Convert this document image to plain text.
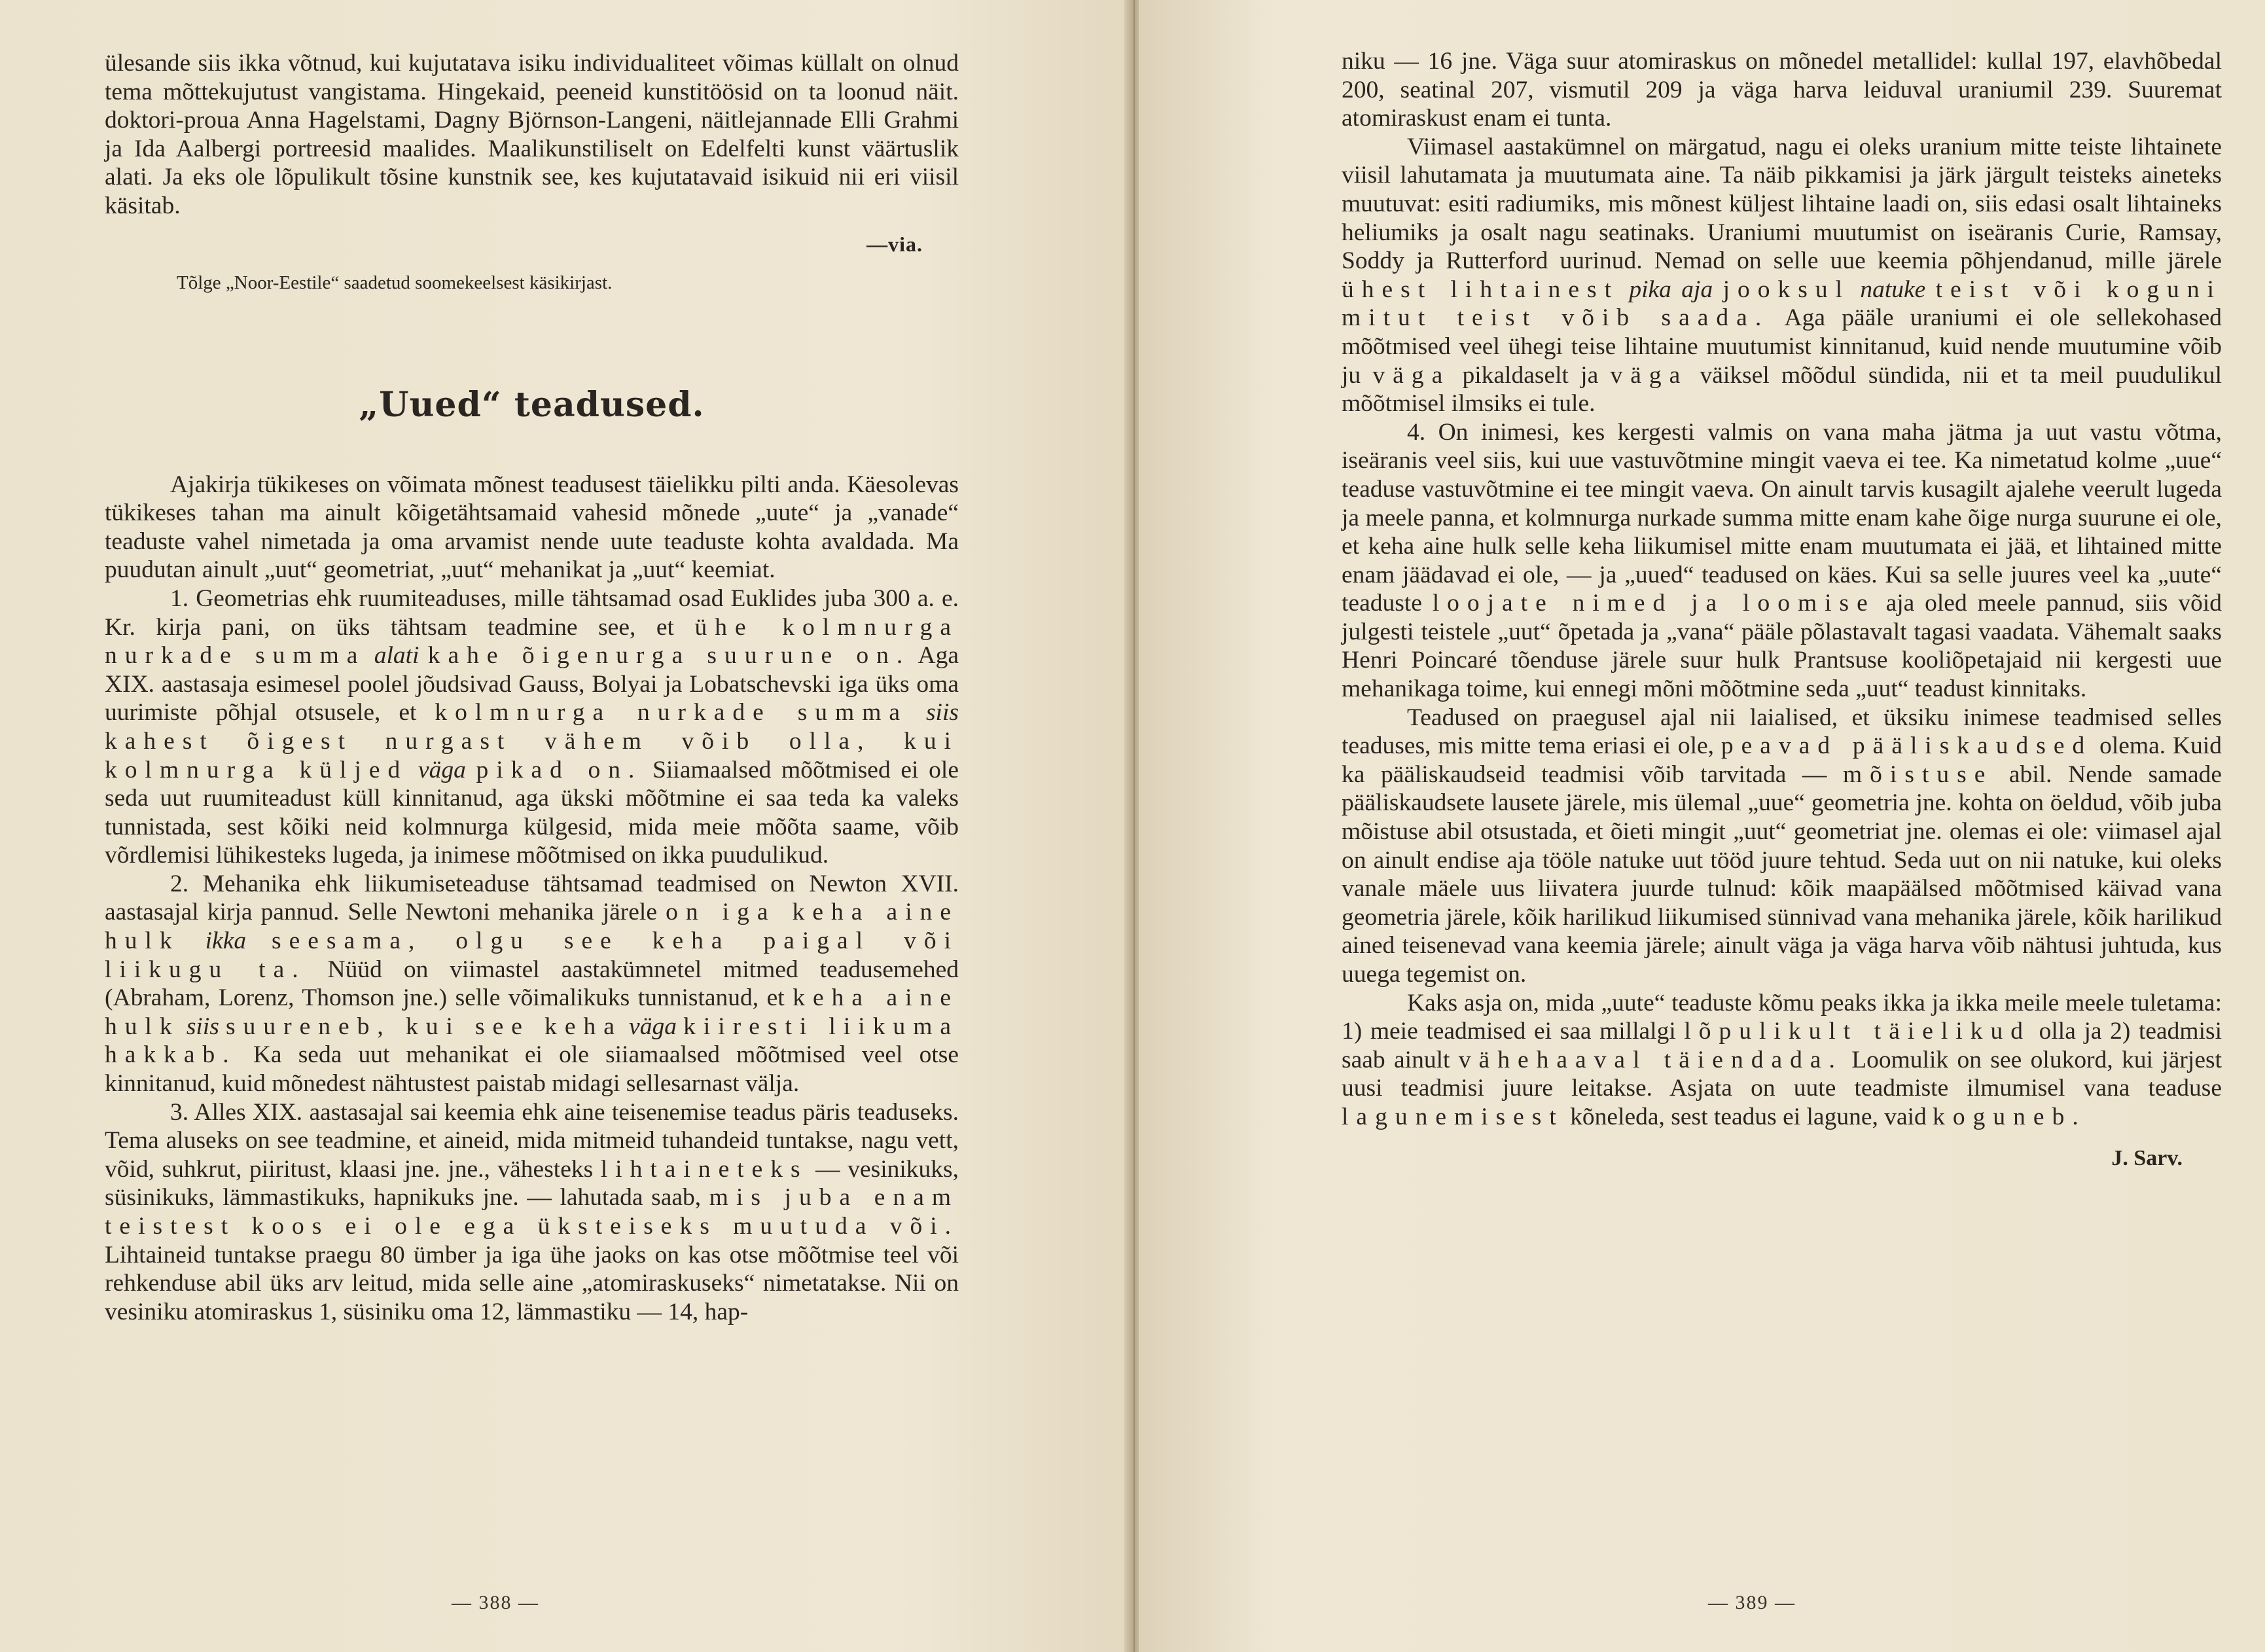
ülesande siis ikka võtnud, kui kujutatava isiku individualiteet võimas küllalt on olnud tema mõttekujutust vangistama. Hingekaid, peeneid kunstitöösid on ta loonud näit. doktori-proua Anna Hagelstami, Dagny Björnson-Langeni, näitlejannade Elli Grahmi ja Ida Aalbergi portreesid maalides. Maalikunstiliselt on Edelfelti kunst väärtuslik alati. Ja eks ole lõpulikult tõsine kunstnik see, kes kujutatavaid isikuid nii eri viisil käsitab.

—via.
Tõlge „Noor-Eestile“ saadetud soomekeelsest käsikirjast.
„Uued“ teadused.

Ajakirja tükikeses on võimata mõnest teadusest täielikku pilti anda. Käesolevas tükikeses tahan ma ainult kõigetähtsamaid vahesid mõnede „uute“ ja „vanade“ teaduste vahel nimetada ja oma arvamist nende uute teaduste kohta avaldada. Ma puudutan ainult „uut“ geometriat, „uut“ mehanikat ja „uut“ keemiat.

1. Geometrias ehk ruumiteaduses, mille tähtsamad osad Euklides juba 300 a. e. Kr. kirja pani, on üks tähtsam teadmine see, et ühe kolmnurga nurkade summa alati kahe õigenurga suurune on. Aga XIX. aastasaja esimesel poolel jõudsivad Gauss, Bolyai ja Lobatschevski iga üks oma uurimiste põhjal otsusele, et kolmnurga nurkade summa siis kahest õigest nurgast vähem võib olla, kui kolmnurga küljed väga pikad on. Siiamaalsed mõõtmised ei ole seda uut ruumiteadust küll kinnitanud, aga ükski mõõtmine ei saa teda ka valeks tunnistada, sest kõiki neid kolmnurga külgesid, mida meie mõõta saame, võib võrdlemisi lühikesteks lugeda, ja inimese mõõtmised on ikka puudulikud.

2. Mehanika ehk liikumiseteaduse tähtsamad teadmised on Newton XVII. aastasajal kirja pannud. Selle Newtoni mehanika järele on iga keha aine hulk ikka seesama, olgu see keha paigal või liikugu ta. Nüüd on viimastel aastakümnetel mitmed teadusemehed (Abraham, Lorenz, Thomson jne.) selle võimalikuks tunnistanud, et keha aine hulk siis suureneb, kui see keha väga kiiresti liikuma hakkab. Ka seda uut mehanikat ei ole siiamaalsed mõõtmised veel otse kinnitanud, kuid mõnedest nähtustest paistab midagi sellesarnast välja.

3. Alles XIX. aastasajal sai keemia ehk aine teisenemise teadus päris teaduseks. Tema aluseks on see teadmine, et aineid, mida mitmeid tuhandeid tuntakse, nagu vett, võid, suhkrut, piiritust, klaasi jne. jne., vähesteks lihtaineteks — vesinikuks, süsinikuks, lämmastikuks, hapnikuks jne. — lahutada saab, mis juba enam teistest koos ei ole ega üksteiseks muutuda või. Lihtaineid tuntakse praegu 80 ümber ja iga ühe jaoks on kas otse mõõtmise teel või rehkenduse abil üks arv leitud, mida selle aine „atomiraskuseks“ nimetatakse. Nii on vesiniku atomiraskus 1, süsiniku oma 12, lämmastiku — 14, hap-

— 388 —

niku — 16 jne. Väga suur atomiraskus on mõnedel metallidel: kullal 197, elavhõbedal 200, seatinal 207, vismutil 209 ja väga harva leiduval uraniumil 239. Suuremat atomiraskust enam ei tunta.

Viimasel aastakümnel on märgatud, nagu ei oleks uranium mitte teiste lihtainete viisil lahutamata ja muutumata aine. Ta näib pikkamisi ja järk järgult teisteks aineteks muutuvat: esiti radiumiks, mis mõnest küljest lihtaine laadi on, siis edasi osalt lihtaineks heliumiks ja osalt nagu seatinaks. Uraniumi muutumist on iseäranis Curie, Ramsay, Soddy ja Rutterford uurinud. Nemad on selle uue keemia põhjendanud, mille järele ühest lihtainest pika aja jooksul natuke teist või koguni mitut teist võib saada. Aga pääle uraniumi ei ole sellekohased mõõtmised veel ühegi teise lihtaine muutumist kinnitanud, kuid nende muutumine võib ju väga pikaldaselt ja väga väiksel mõõdul sündida, nii et ta meil puudulikul mõõtmisel ilmsiks ei tule.

4. On inimesi, kes kergesti valmis on vana maha jätma ja uut vastu võtma, iseäranis veel siis, kui uue vastuvõtmine mingit vaeva ei tee. Ka nimetatud kolme „uue“ teaduse vastuvõtmine ei tee mingit vaeva. On ainult tarvis kusagilt ajalehe veerult lugeda ja meele panna, et kolmnurga nurkade summa mitte enam kahe õige nurga suurune ei ole, et keha aine hulk selle keha liikumisel mitte enam muutumata ei jää, et lihtained mitte enam jäädavad ei ole, — ja „uued“ teadused on käes. Kui sa selle juures veel ka „uute“ teaduste loojate nimed ja loomise aja oled meele pannud, siis võid julgesti teistele „uut“ õpetada ja „vana“ pääle põlastavalt tagasi vaadata. Vähemalt saaks Henri Poincaré tõenduse järele suur hulk Prantsuse kooliõpetajaid nii kergesti uue mehanikaga toime, kui ennegi mõni mõõtmine seda „uut“ teadust kinnitaks.

Teadused on praegusel ajal nii laialised, et üksiku inimese teadmised selles teaduses, mis mitte tema eriasi ei ole, peavad pääliskaudsed olema. Kuid ka pääliskaudseid teadmisi võib tarvitada — mõistuse abil. Nende samade pääliskaudsete lausete järele, mis ülemal „uue“ geometria jne. kohta on öeldud, võib juba mõistuse abil otsustada, et õieti mingit „uut“ geometriat jne. olemas ei ole: viimasel ajal on ainult endise aja tööle natuke uut tööd juure tehtud. Seda uut on nii natuke, kui oleks vanale mäele uus liivatera juurde tulnud: kõik maapäälsed mõõtmised käivad vana geometria järele, kõik harilikud liikumised sünnivad vana mehanika järele, kõik harilikud ained teisenevad vana keemia järele; ainult väga ja väga harva võib nähtusi juhtuda, kus uuega tegemist on.

Kaks asja on, mida „uute“ teaduste kõmu peaks ikka ja ikka meile meele tuletama: 1) meie teadmised ei saa millalgi lõpulikult täielikud olla ja 2) teadmisi saab ainult vähehaaval täiendada. Loomulik on see olukord, kui järjest uusi teadmisi juure leitakse. Asjata on uute teadmiste ilmumisel vana teaduse lagunemisest kõneleda, sest teadus ei lagune, vaid koguneb.

J. Sarv.
— 389 —
